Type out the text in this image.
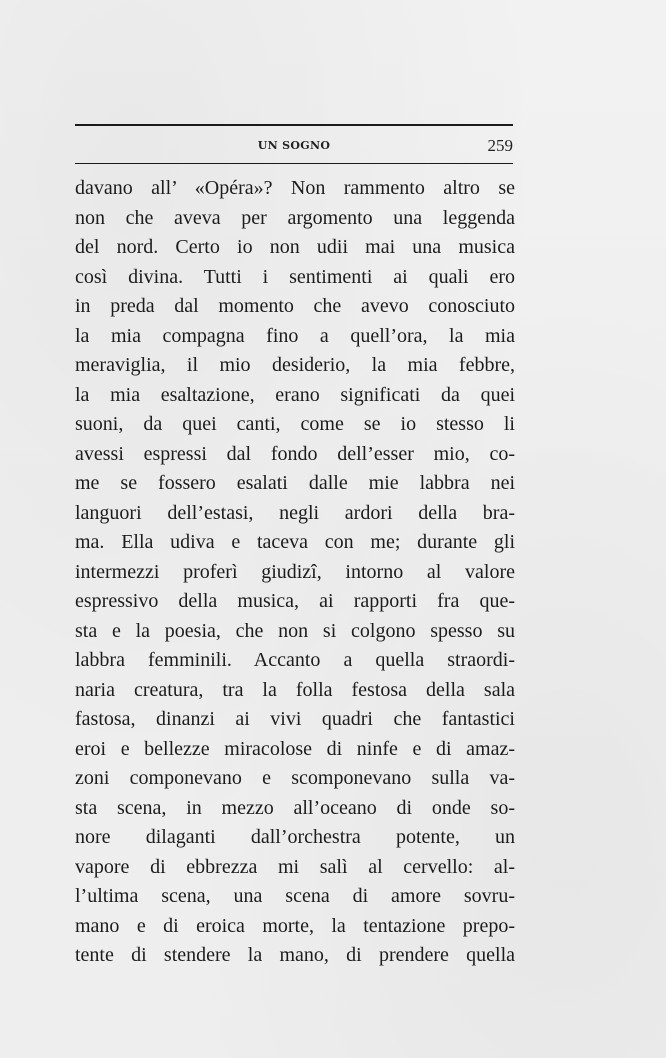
UN SOGNO	259
davano all’ «Opéra»? Non rammento altro se
non che aveva per argomento una leggenda
del nord. Certo io non udii mai una musica
così divina. Tutti i sentimenti ai quali ero
in preda dal momento che avevo conosciuto
la mia compagna fino a quell’ora, la mia
meraviglia, il mio desiderio, la mia febbre,
la mia esaltazione, erano significati da quei
suoni, da quei canti, come se io stesso li
avessi espressi dal fondo dell’esser mio, co-
me se fossero esalati dalle mie labbra nei
languori dell’estasi, negli ardori della bra-
ma. Ella udiva e taceva con me; durante gli
intermezzi proferì giudizî, intorno al valore
espressivo della musica, ai rapporti fra que-
sta e la poesia, che non si colgono spesso su
labbra femminili. Accanto a quella straordi-
naria creatura, tra la folla festosa della sala
fastosa, dinanzi ai vivi quadri che fantastici
eroi e bellezze miracolose di ninfe e di amaz-
zoni componevano e scomponevano sulla va-
sta scena, in mezzo all’oceano di onde so-
nore dilaganti dall’orchestra potente, un
vapore di ebbrezza mi salì al cervello: al-
l’ultima scena, una scena di amore sovru-
mano e di eroica morte, la tentazione prepo-
tente di stendere la mano, di prendere quella
